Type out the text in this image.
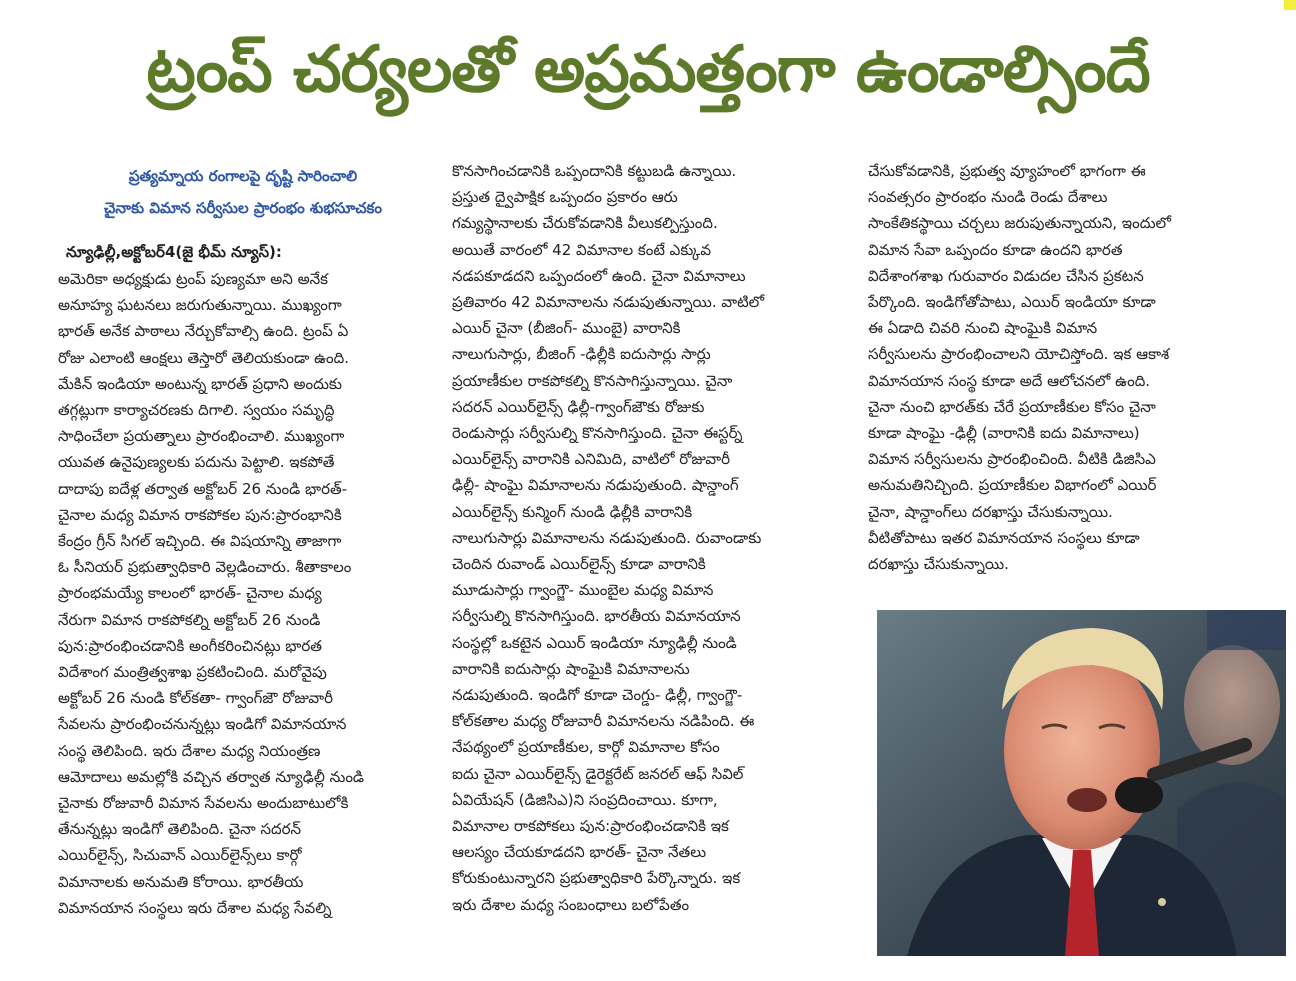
ట్రంప్ చర్యలతో అప్రమత్తంగా ఉండాల్సిందే
ప్రత్యమ్నాయ రంగాలపై దృష్టి సారించాలి
చైనాకు విమాన సర్వీసుల ప్రారంభం శుభసూచకం
న్యూఢిల్లీ,అక్టోబర్4(జై భీమ్ న్యూస్):
అమెరికా అధ్యక్షుడు ట్రంప్ పుణ్యమా అని అనేక
అనూహ్య ఘటనలు జరుగుతున్నాయి. ముఖ్యంగా
భారత్ అనేక పాఠాలు నేర్చుకోవాల్సి ఉంది. ట్రంప్ ఏ
రోజు ఎలాంటి ఆంక్షలు తెస్తారో తెలియకుండా ఉంది.
మేకిన్ ఇండియా అంటున్న భారత్ ప్రధాని అందుకు
తగ్గట్లుగా కార్యాచరణకు దిగాలి. స్వయం సమృద్ధి
సాధించేలా ప్రయత్నాలు ప్రారంభించాలి. ముఖ్యంగా
యువత ఉనైపుణ్యలకు పదును పెట్టాలి. ఇకపోతే
దాదాపు ఐదేళ్ల తర్వాత అక్టోబర్ 26 నుండి భారత్-
చైనాల మధ్య విమాన రాకపోకల పున:ప్రారంభానికి
కేంద్రం గ్రీన్ సిగల్ ఇచ్చింది. ఈ విషయాన్ని తాజాగా
ఓ సీనియర్ ప్రభుత్వాధికారి వెల్లడించారు. శీతాకాలం
ప్రారంభమయ్యే కాలంలో భారత్- చైనాల మధ్య
నేరుగా విమాన రాకపోకల్ని అక్టోబర్ 26 నుండి
పున:ప్రారంభించడానికి అంగీకరించినట్లు భారత
విదేశాంగ మంత్రిత్వశాఖ ప్రకటించింది. మరోవైపు
అక్టోబర్ 26 నుండి కోల్‌కతా- గ్వాంగ్‌జౌ రోజువారీ
సేవలను ప్రారంభించనున్నట్లు ఇండిగో విమానయాన
సంస్థ తెలిపింది. ఇరు దేశాల మధ్య నియంత్రణ
ఆమోదాలు అమల్లోకి వచ్చిన తర్వాత న్యూఢిల్లీ నుండి
చైనాకు రోజువారీ విమాన సేవలను అందుబాటులోకి
తేనున్నట్లు ఇండిగో తెలిపింది. చైనా సదరన్
ఎయిర్‌లైన్స్, సిచువాన్ ఎయిర్‌లైన్స్‌లు కార్గో
విమానాలకు అనుమతి కోరాయి. భారతీయ
విమానయాన సంస్థలు ఇరు దేశాల మధ్య సేవల్ని
కొనసాగించడానికి ఒప్పందానికి కట్టుబడి ఉన్నాయి.
ప్రస్తుత ద్వైపాక్షిక ఒప్పందం ప్రకారం ఆరు
గమ్యస్థానాలకు చేరుకోవడానికి వీలుకల్పిస్తుంది.
అయితే వారంలో 42 విమానాల కంటే ఎక్కువ
నడపకూడదని ఒప్పందంలో ఉంది. చైనా విమానాలు
ప్రతివారం 42 విమానాలను నడుపుతున్నాయి. వాటిలో
ఎయిర్ చైనా (బీజింగ్- ముంబై) వారానికి
నాలుగుసార్లు, బీజింగ్ -ఢిల్లీకి ఐదుసార్లు సార్లు
ప్రయాణీకుల రాకపోకల్ని కొనసాగిస్తున్నాయి. చైనా
సదరన్ ఎయిర్‌లైన్స్ ఢిల్లీ-గ్వాంగ్‌జౌకు రోజుకు
రెండుసార్లు సర్వీసుల్ని కొనసాగిస్తుంది. చైనా ఈస్టర్న్
ఎయిర్‌లైన్స్ వారానికి ఎనిమిది, వాటిలో రోజువారీ
ఢిల్లీ- షాంఘై విమానాలను నడుపుతుంది. షాన్డాంగ్
ఎయిర్‌లైన్స్ కున్మింగ్ నుండి ఢిల్లీకి వారానికి
నాలుగుసార్లు విమానాలను నడుపుతుంది. రువాండాకు
చెందిన రువాండ్ ఎయిర్‌లైన్స్ కూడా వారానికి
మూడుసార్లు గ్వాంగ్జౌ- ముంబైల మధ్య విమాన
సర్వీసుల్ని కొనసాగిస్తుంది. భారతీయ విమానయాన
సంస్థల్లో ఒకటైన ఎయిర్ ఇండియా న్యూఢిల్లీ నుండి
వారానికి ఐదుసార్లు షాంఘైకి విమానాలను
నడుపుతుంది. ఇండిగో కూడా చెంగ్డు- ఢిల్లీ, గ్వాంగ్జౌ-
కోల్‌కతాల మధ్య రోజువారీ విమానలను నడిపింది. ఈ
నేపథ్యంలో ప్రయాణీకుల, కార్గో విమానాల కోసం
ఐదు చైనా ఎయిర్‌లైన్స్ డైరెక్టరేట్ జనరల్ ఆఫ్ సివిల్
ఏవియేషన్ (డిజిసిఎ)ని సంప్రదించాయి. కూగా,
విమానాల రాకపోకలు పున:ప్రారంభించడానికి ఇక
ఆలస్యం చేయకూడదని భారత్- చైనా నేతలు
కోరుకుంటున్నారని ప్రభుత్వాధికారి పేర్కొన్నారు. ఇక
ఇరు దేశాల మధ్య సంబంధాలు బలోపేతం
చేసుకోవడానికి, ప్రభుత్వ వ్యూహంలో భాగంగా ఈ
సంవత్సరం ప్రారంభం నుండి రెండు దేశాలు
సాంకేతికస్థాయి చర్చలు జరుపుతున్నాయని, ఇందులో
విమాన సేవా ఒప్పందం కూడా ఉందని భారత
విదేశాంగశాఖ గురువారం విడుదల చేసిన ప్రకటన
పేర్కొంది. ఇండిగోతోపాటు, ఎయిర్ ఇండియా కూడా
ఈ ఏడాది చివరి నుంచి షాంఘైకి విమాన
సర్వీసులను ప్రారంభించాలని యోచిస్తోంది. ఇక ఆకాశ
విమానయాన సంస్థ కూడా అదే ఆలోచనలో ఉంది.
చైనా నుంచి భారత్‌కు చేరే ప్రయాణీకుల కోసం చైనా
కూడా షాంఘై -ఢిల్లీ (వారానికి ఐదు విమానాలు)
విమాన సర్వీసులను ప్రారంభించింది. వీటికి డిజిసిఎ
అనుమతినిచ్చింది. ప్రయాణీకుల విభాగంలో ఎయిర్
చైనా, షాన్డాంగ్‌లు దరఖాస్తు చేసుకున్నాయి.
వీటితోపాటు ఇతర విమానయాన సంస్థలు కూడా
దరఖాస్తు చేసుకున్నాయి.
